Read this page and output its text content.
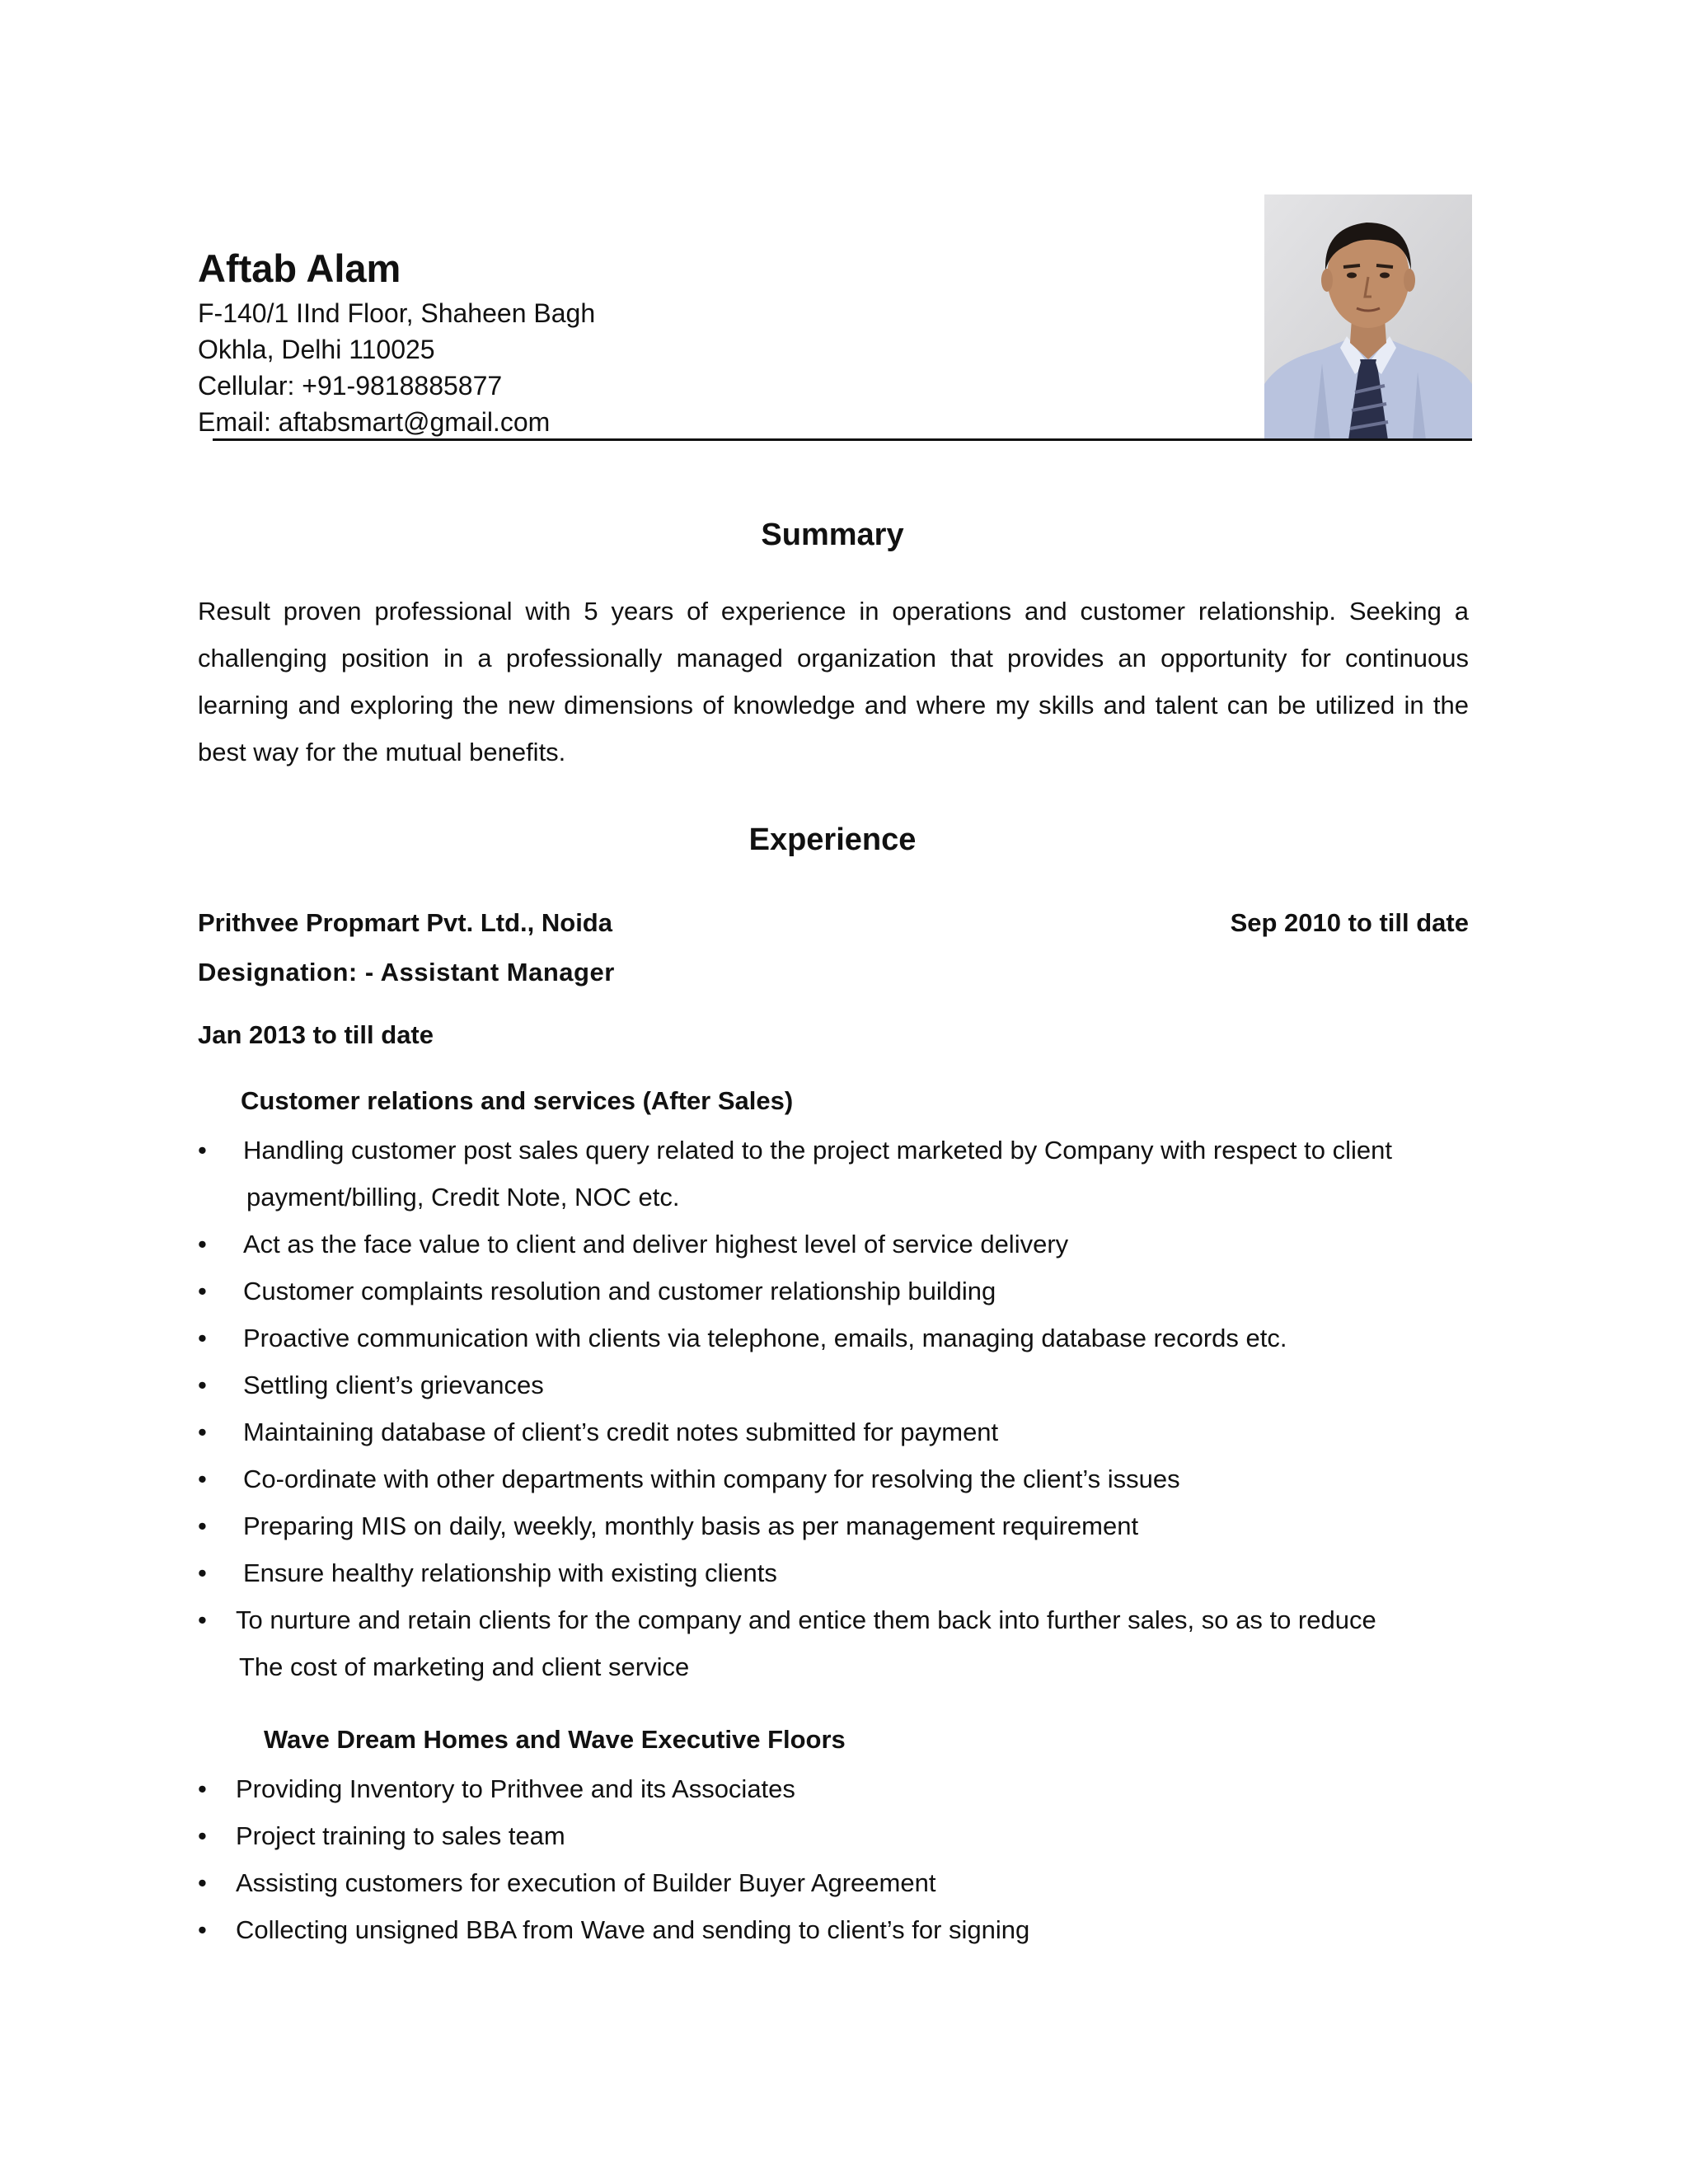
Aftab Alam
F-140/1 IInd Floor, Shaheen Bagh
Okhla, Delhi 110025
Cellular: +91-9818885877
Email: aftabsmart@gmail.com
Summary

Result proven professional with 5 years of experience in operations and customer relationship. Seeking a challenging position in a professionally managed organization that provides an opportunity for continuous learning and exploring the new dimensions of knowledge and where my skills and talent can be utilized in the best way for the mutual benefits.

Experience
Prithvee Propmart Pvt. Ltd., Noida	Sep 2010 to till date
Designation: - Assistant Manager
Jan 2013 to till date
Customer relations and services (After Sales)
• Handling customer post sales query related to the project marketed by Company with respect to client
payment/billing, Credit Note, NOC etc.
• Act as the face value to client and deliver highest level of service delivery
• Customer complaints resolution and customer relationship building
• Proactive communication with clients via telephone, emails, managing database records etc.
• Settling client’s grievances
• Maintaining database of client’s credit notes submitted for payment
• Co-ordinate with other departments within company for resolving the client’s issues
• Preparing MIS on daily, weekly, monthly basis as per management requirement
• Ensure healthy relationship with existing clients
• To nurture and retain clients for the company and entice them back into further sales, so as to reduce
The cost of marketing and client service
Wave Dream Homes and Wave Executive Floors
• Providing Inventory to Prithvee and its Associates
• Project training to sales team
• Assisting customers for execution of Builder Buyer Agreement
• Collecting unsigned BBA from Wave and sending to client’s for signing
